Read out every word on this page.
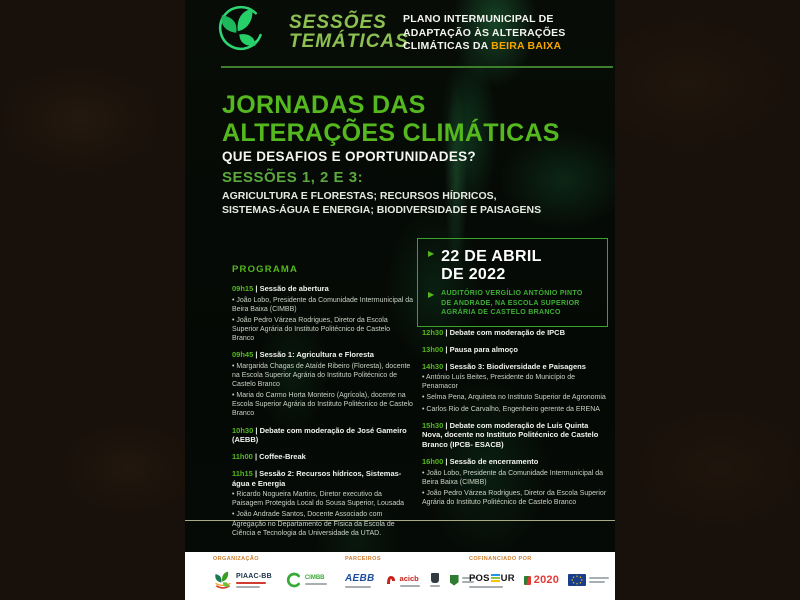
SESSÕES
TEMÁTICAS
PLANO INTERMUNICIPAL DE
ADAPTAÇÃO ÀS ALTERAÇÕES
CLIMÁTICAS DA BEIRA BAIXA
JORNADAS DAS
ALTERAÇÕES CLIMÁTICAS
QUE DESAFIOS E OPORTUNIDADES?
SESSÕES 1, 2 E 3:
AGRICULTURA E FLORESTAS; RECURSOS HÍDRICOS,
SISTEMAS-ÁGUA E ENERGIA; BIODIVERSIDADE E PAISAGENS
PROGRAMA
09h15 | Sessão de abertura
• João Lobo, Presidente da Comunidade Intermunicipal da Beira Baixa (CIMBB)
• João Pedro Várzea Rodrigues, Diretor da Escola Superior Agrária do Instituto Politécnico de Castelo Branco
09h45 | Sessão 1: Agricultura e Floresta
• Margarida Chagas de Ataíde Ribeiro (Floresta), docente na Escola Superior Agrária do Instituto Politécnico de Castelo Branco
• Maria do Carmo Horta Monteiro (Agrícola), docente na Escola Superior Agrária do Instituto Politécnico de Castelo Branco
10h30 | Debate com moderação de José Gameiro (AEBB)
11h00 | Coffee-Break
11h15 | Sessão 2: Recursos hídricos, Sistemas-água e Energia
• Ricardo Nogueira Martins, Diretor executivo da Paisagem Protegida Local do Sousa Superior, Lousada
• João Andrade Santos, Docente Associado com Agregação no Departamento de Física da Escola de Ciência e Tecnologia da Universidade da UTAD.
▶ 22 DE ABRIL
DE 2022
▶ AUDITÓRIO VERGÍLIO ANTÓNIO PINTO DE ANDRADE, NA ESCOLA SUPERIOR AGRÁRIA DE CASTELO BRANCO
12h30 | Debate com moderação de IPCB
13h00 | Pausa para almoço
14h30 | Sessão 3: Biodiversidade e Paisagens
• António Luís Beites, Presidente do Município de Penamacor
• Selma Pena, Arquiteta no Instituto Superior de Agronomia
• Carlos Rio de Carvalho, Engenheiro gerente da ERENA
15h30 | Debate com moderação de Luís Quinta Nova, docente no Instituto Politécnico de Castelo Branco (IPCB- ESACB)
16h00 | Sessão de encerramento
• João Lobo, Presidente da Comunidade Intermunicipal da Beira Baixa (CIMBB)
• João Pedro Várzea Rodrigues, Diretor da Escola Superior Agrária do Instituto Politécnico de Castelo Branco
ORGANIZAÇÃO
PIAAC-BB	CIMBB
PARCEIROS
AEBB	acicb
COFINANCIADO POR
POS UR 2020
